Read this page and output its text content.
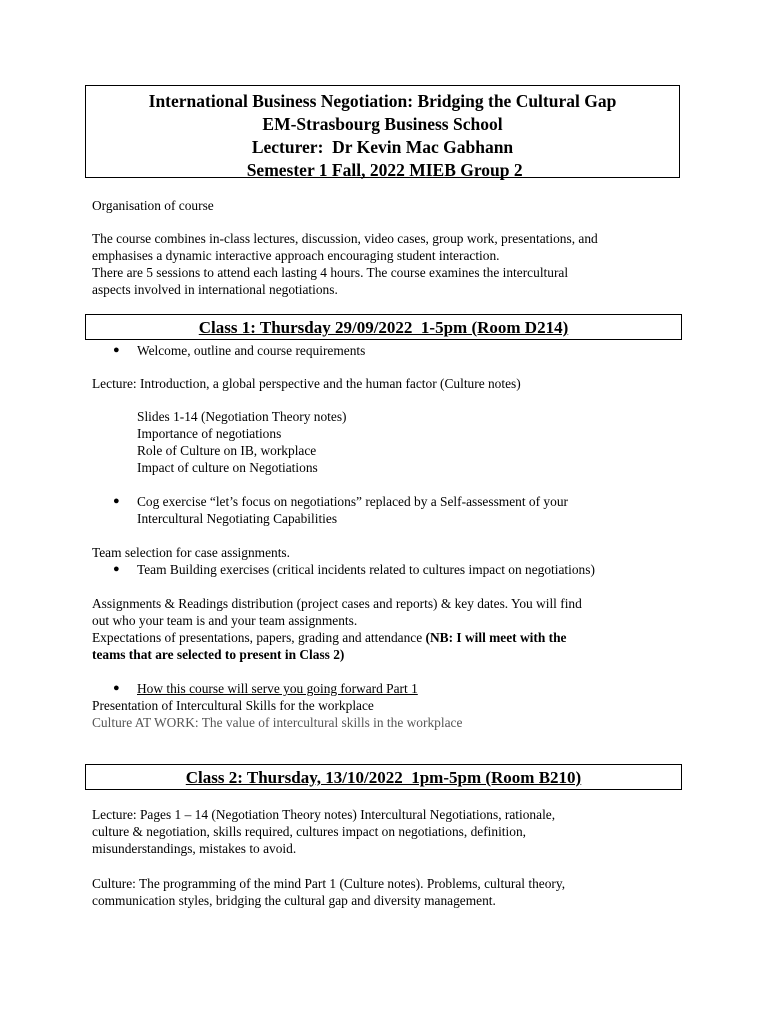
International Business Negotiation: Bridging the Cultural Gap
EM-Strasbourg Business School
Lecturer:  Dr Kevin Mac Gabhann
Semester 1 Fall, 2022 MIEB Group 2
Organisation of course
The course combines in-class lectures, discussion, video cases, group work, presentations, and
emphasises a dynamic interactive approach encouraging student interaction.
There are 5 sessions to attend each lasting 4 hours. The course examines the intercultural
aspects involved in international negotiations.
Class 1: Thursday 29/09/2022  1-5pm (Room D214)
● Welcome, outline and course requirements
Lecture: Introduction, a global perspective and the human factor (Culture notes)
Slides 1-14 (Negotiation Theory notes)
Importance of negotiations
Role of Culture on IB, workplace
Impact of culture on Negotiations
● Cog exercise “let’s focus on negotiations” replaced by a Self-assessment of your
Intercultural Negotiating Capabilities
Team selection for case assignments.
● Team Building exercises (critical incidents related to cultures impact on negotiations)
Assignments & Readings distribution (project cases and reports) & key dates. You will find
out who your team is and your team assignments.
Expectations of presentations, papers, grading and attendance (NB: I will meet with the
teams that are selected to present in Class 2)
● How this course will serve you going forward Part 1
Presentation of Intercultural Skills for the workplace
Culture AT WORK: The value of intercultural skills in the workplace
Class 2: Thursday, 13/10/2022  1pm-5pm (Room B210)
Lecture: Pages 1 – 14 (Negotiation Theory notes) Intercultural Negotiations, rationale,
culture & negotiation, skills required, cultures impact on negotiations, definition,
misunderstandings, mistakes to avoid.
Culture: The programming of the mind Part 1 (Culture notes). Problems, cultural theory,
communication styles, bridging the cultural gap and diversity management.
